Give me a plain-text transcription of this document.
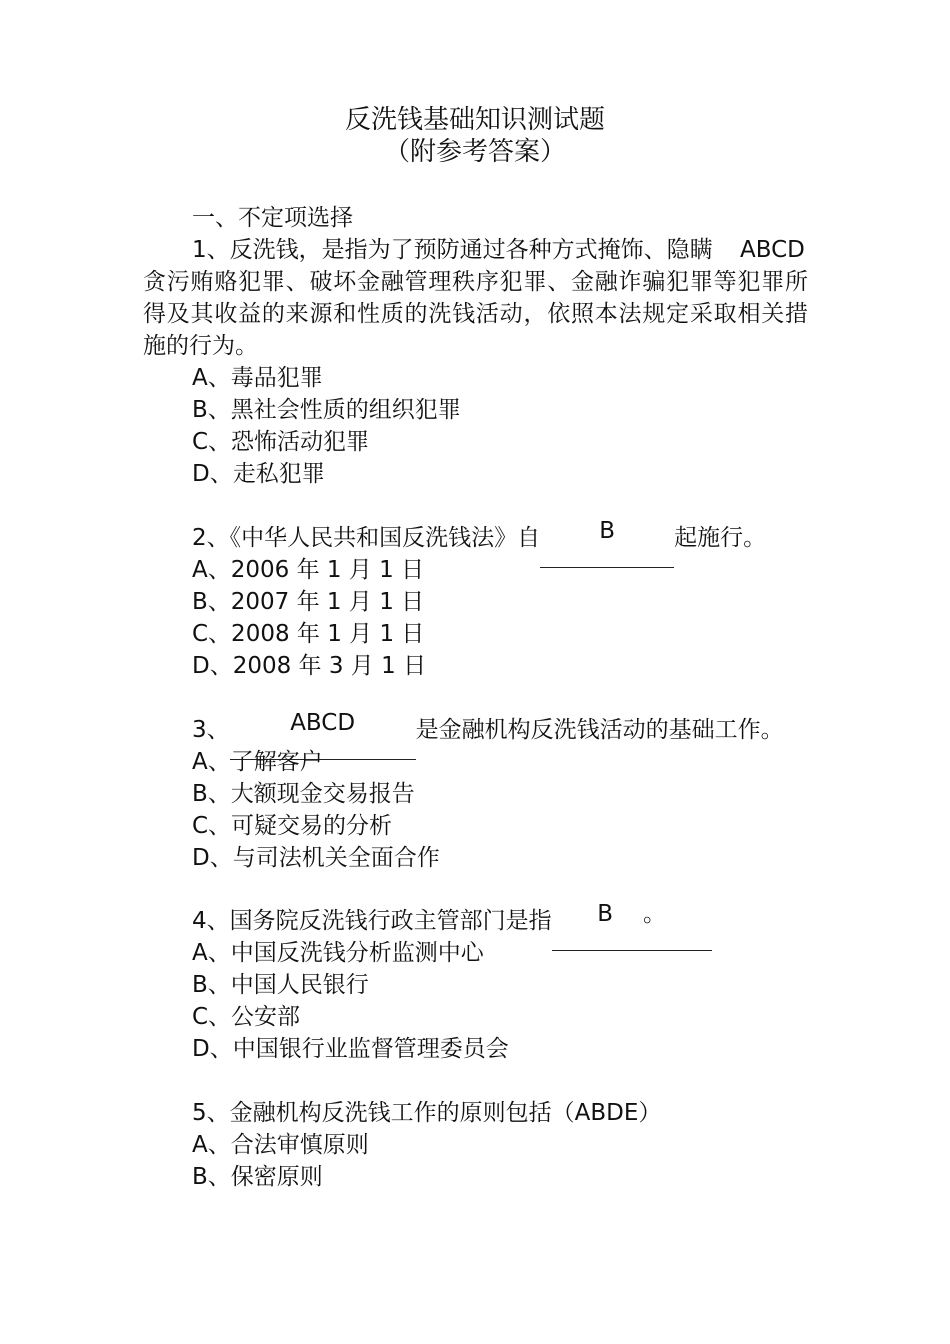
反洗钱基础知识测试题
（附参考答案）
一、不定项选择
1、反洗钱，是指为了预防通过各种方式掩饰、隐瞒 ABCD
贪污贿赂犯罪、破坏金融管理秩序犯罪、金融诈骗犯罪等犯罪所得及其收益的来源和性质的洗钱活动，依照本法规定采取相关措施的行为。
A、毒品犯罪
B、黑社会性质的组织犯罪
C、恐怖活动犯罪
D、走私犯罪
2、《中华人民共和国反洗钱法》自	B	起施行。
A、2006 年 1 月 1 日
B、2007 年 1 月 1 日
C、2008 年 1 月 1 日
D、2008 年 3 月 1 日
3、	ABCD	是金融机构反洗钱活动的基础工作。
A、了解客户
B、大额现金交易报告
C、可疑交易的分析
D、与司法机关全面合作
4、国务院反洗钱行政主管部门是指 B 。
A、中国反洗钱分析监测中心
B、中国人民银行
C、公安部
D、中国银行业监督管理委员会
5、金融机构反洗钱工作的原则包括（ABDE）
A、合法审慎原则
B、保密原则
